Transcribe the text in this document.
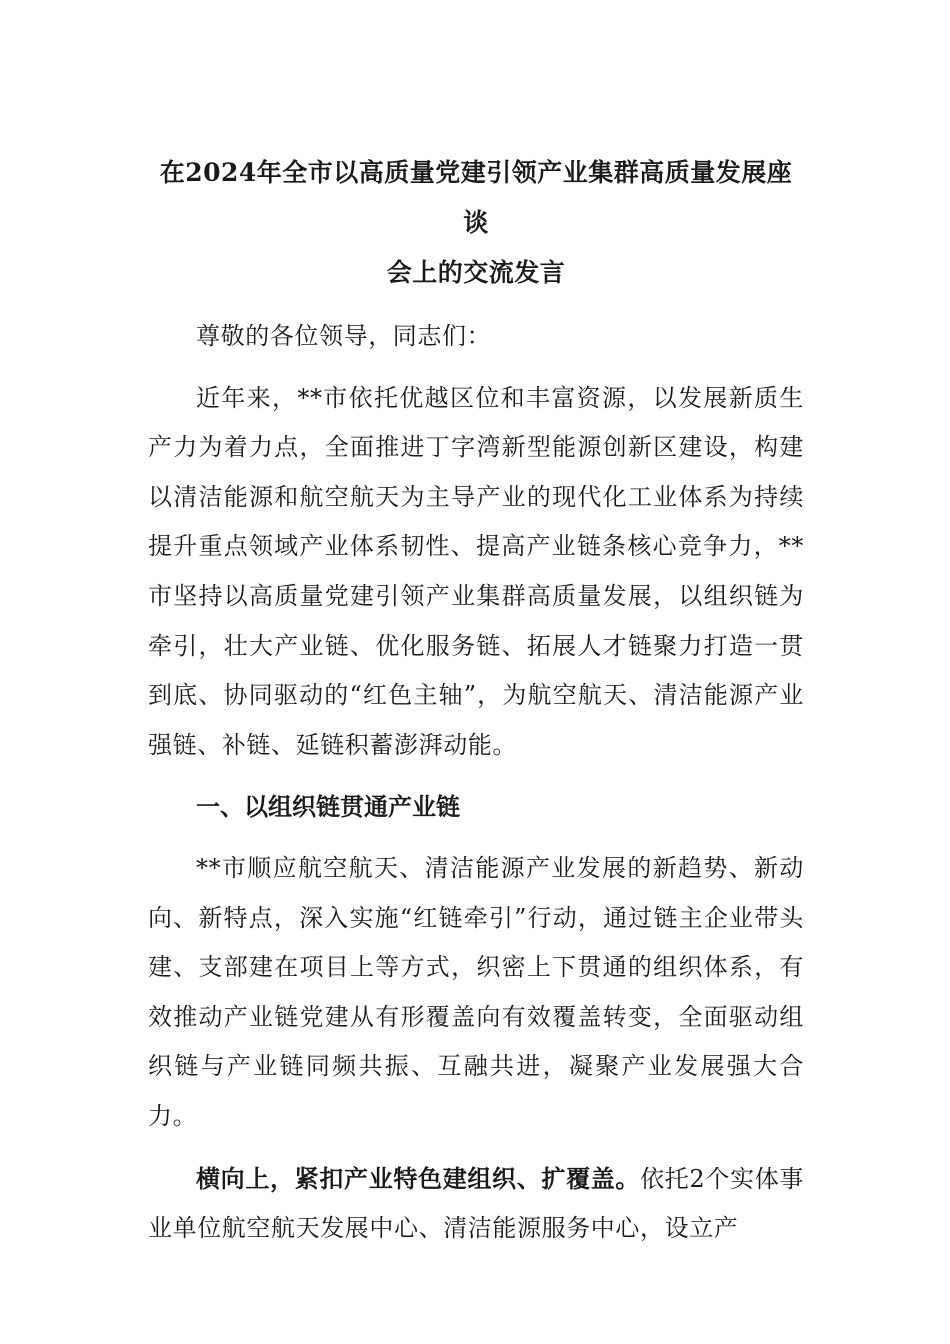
在2024年全市以高质量党建引领产业集群高质量发展座谈
会上的交流发言

尊敬的各位领导，同志们：

近年来，**市依托优越区位和丰富资源，以发展新质生产力为着力点，全面推进丁字湾新型能源创新区建设，构建以清洁能源和航空航天为主导产业的现代化工业体系为持续提升重点领域产业体系韧性、提高产业链条核心竞争力，**市坚持以高质量党建引领产业集群高质量发展，以组织链为牵引，壮大产业链、优化服务链、拓展人才链聚力打造一贯到底、协同驱动的“红色主轴”，为航空航天、清洁能源产业强链、补链、延链积蓄澎湃动能。

一、以组织链贯通产业链

**市顺应航空航天、清洁能源产业发展的新趋势、新动向、新特点，深入实施“红链牵引”行动，通过链主企业带头建、支部建在项目上等方式，织密上下贯通的组织体系，有效推动产业链党建从有形覆盖向有效覆盖转变，全面驱动组织链与产业链同频共振、互融共进，凝聚产业发展强大合力。

横向上，紧扣产业特色建组织、扩覆盖。依托2个实体事业单位航空航天发展中心、清洁能源服务中心，设立产
